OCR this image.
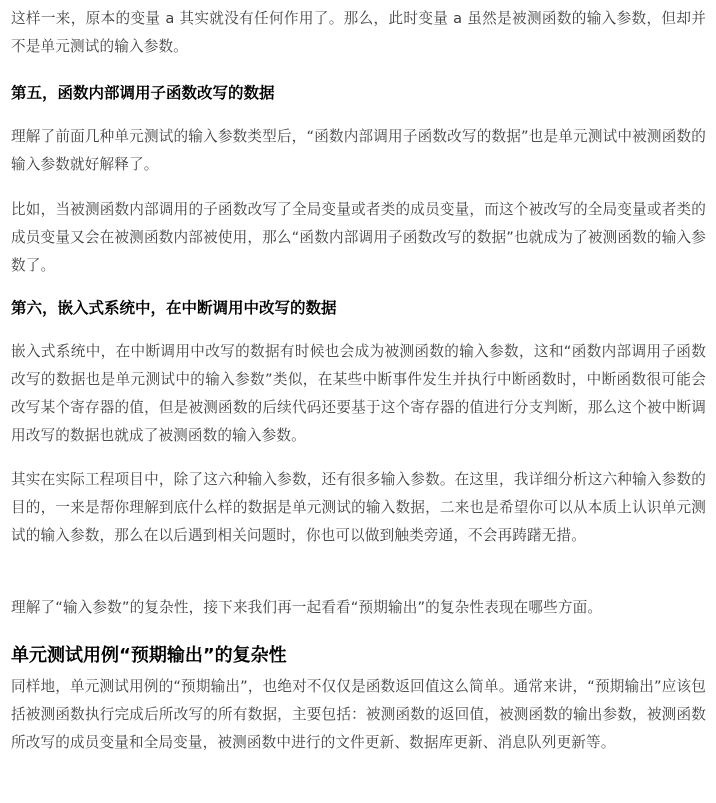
这样一来，原本的变量 a 其实就没有任何作用了。那么，此时变量 a 虽然是被测函数的输入参数，但却并不是单元测试的输入参数。

第五，函数内部调用子函数改写的数据

理解了前面几种单元测试的输入参数类型后，“函数内部调用子函数改写的数据”也是单元测试中被测函数的输入参数就好解释了。

比如，当被测函数内部调用的子函数改写了全局变量或者类的成员变量，而这个被改写的全局变量或者类的成员变量又会在被测函数内部被使用，那么“函数内部调用子函数改写的数据”也就成为了被测函数的输入参数了。

第六，嵌入式系统中，在中断调用中改写的数据

嵌入式系统中，在中断调用中改写的数据有时候也会成为被测函数的输入参数，这和“函数内部调用子函数改写的数据也是单元测试中的输入参数”类似，在某些中断事件发生并执行中断函数时，中断函数很可能会改写某个寄存器的值，但是被测函数的后续代码还要基于这个寄存器的值进行分支判断，那么这个被中断调用改写的数据也就成了被测函数的输入参数。

其实在实际工程项目中，除了这六种输入参数，还有很多输入参数。在这里，我详细分析这六种输入参数的目的，一来是帮你理解到底什么样的数据是单元测试的输入数据，二来也是希望你可以从本质上认识单元测试的输入参数，那么在以后遇到相关问题时，你也可以做到触类旁通，不会再踌躇无措。

理解了“输入参数”的复杂性，接下来我们再一起看看“预期输出”的复杂性表现在哪些方面。

单元测试用例“预期输出”的复杂性

同样地，单元测试用例的“预期输出”，也绝对不仅仅是函数返回值这么简单。通常来讲，“预期输出”应该包括被测函数执行完成后所改写的所有数据，主要包括：被测函数的返回值，被测函数的输出参数，被测函数所改写的成员变量和全局变量，被测函数中进行的文件更新、数据库更新、消息队列更新等。
